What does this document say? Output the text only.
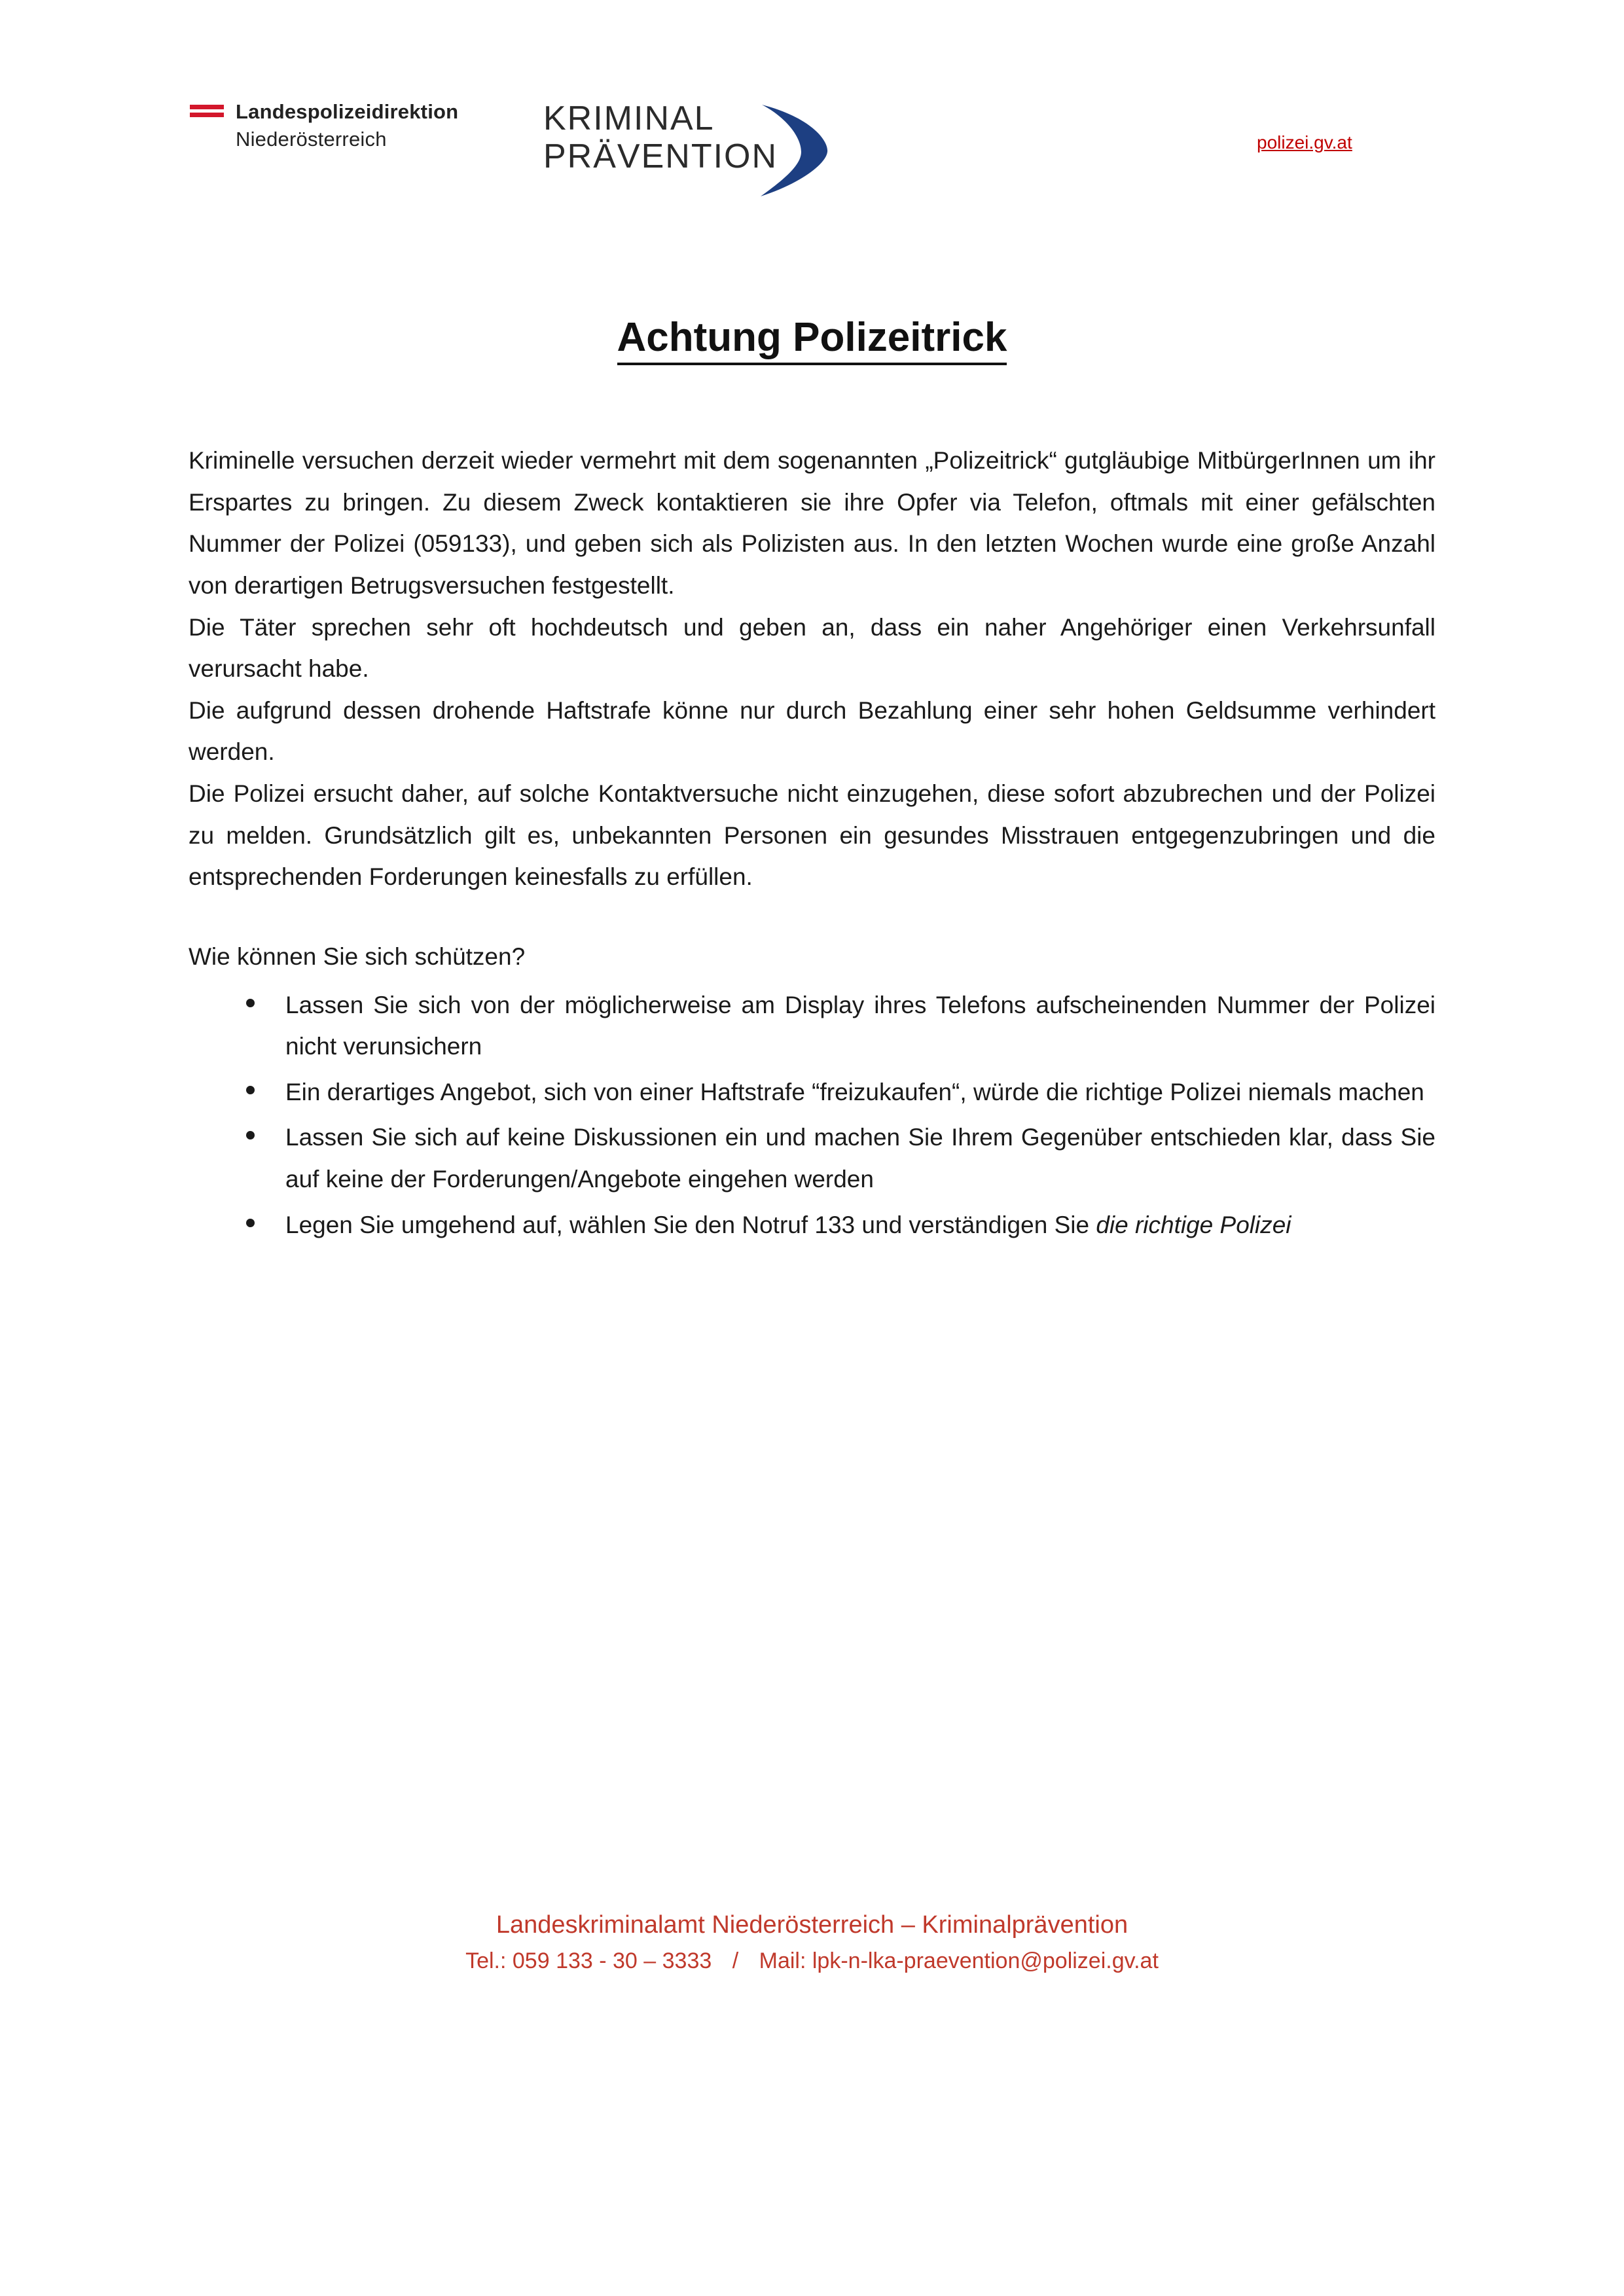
Landespolizeidirektion
Niederösterreich
KRIMINAL
PRÄVENTION	polizei.gv.at
Achtung Polizeitrick

Kriminelle versuchen derzeit wieder vermehrt mit dem sogenannten „Polizeitrick“ gutgläubige MitbürgerInnen um ihr Erspartes zu bringen. Zu diesem Zweck kontaktieren sie ihre Opfer via Telefon, oftmals mit einer gefälschten Nummer der Polizei (059133), und geben sich als Polizisten aus. In den letzten Wochen wurde eine große Anzahl von derartigen Betrugsversuchen festgestellt.

Die Täter sprechen sehr oft hochdeutsch und geben an, dass ein naher Angehöriger einen Verkehrsunfall verursacht habe.

Die aufgrund dessen drohende Haftstrafe könne nur durch Bezahlung einer sehr hohen Geldsumme verhindert werden.

Die Polizei ersucht daher, auf solche Kontaktversuche nicht einzugehen, diese sofort abzubrechen und der Polizei zu melden. Grundsätzlich gilt es, unbekannten Personen ein gesundes Misstrauen entgegenzubringen und die entsprechenden Forderungen keinesfalls zu erfüllen.

Wie können Sie sich schützen?

Lassen Sie sich von der möglicherweise am Display ihres Telefons aufscheinenden Nummer der Polizei nicht verunsichern
Ein derartiges Angebot, sich von einer Haftstrafe “freizukaufen“, würde die richtige Polizei niemals machen
Lassen Sie sich auf keine Diskussionen ein und machen Sie Ihrem Gegenüber entschieden klar, dass Sie auf keine der Forderungen/Angebote eingehen werden
Legen Sie umgehend auf, wählen Sie den Notruf 133 und verständigen Sie die richtige Polizei
Landeskriminalamt Niederösterreich – Kriminalprävention
Tel.: 059 133 - 30 – 3333 / Mail: lpk-n-lka-praevention@polizei.gv.at
